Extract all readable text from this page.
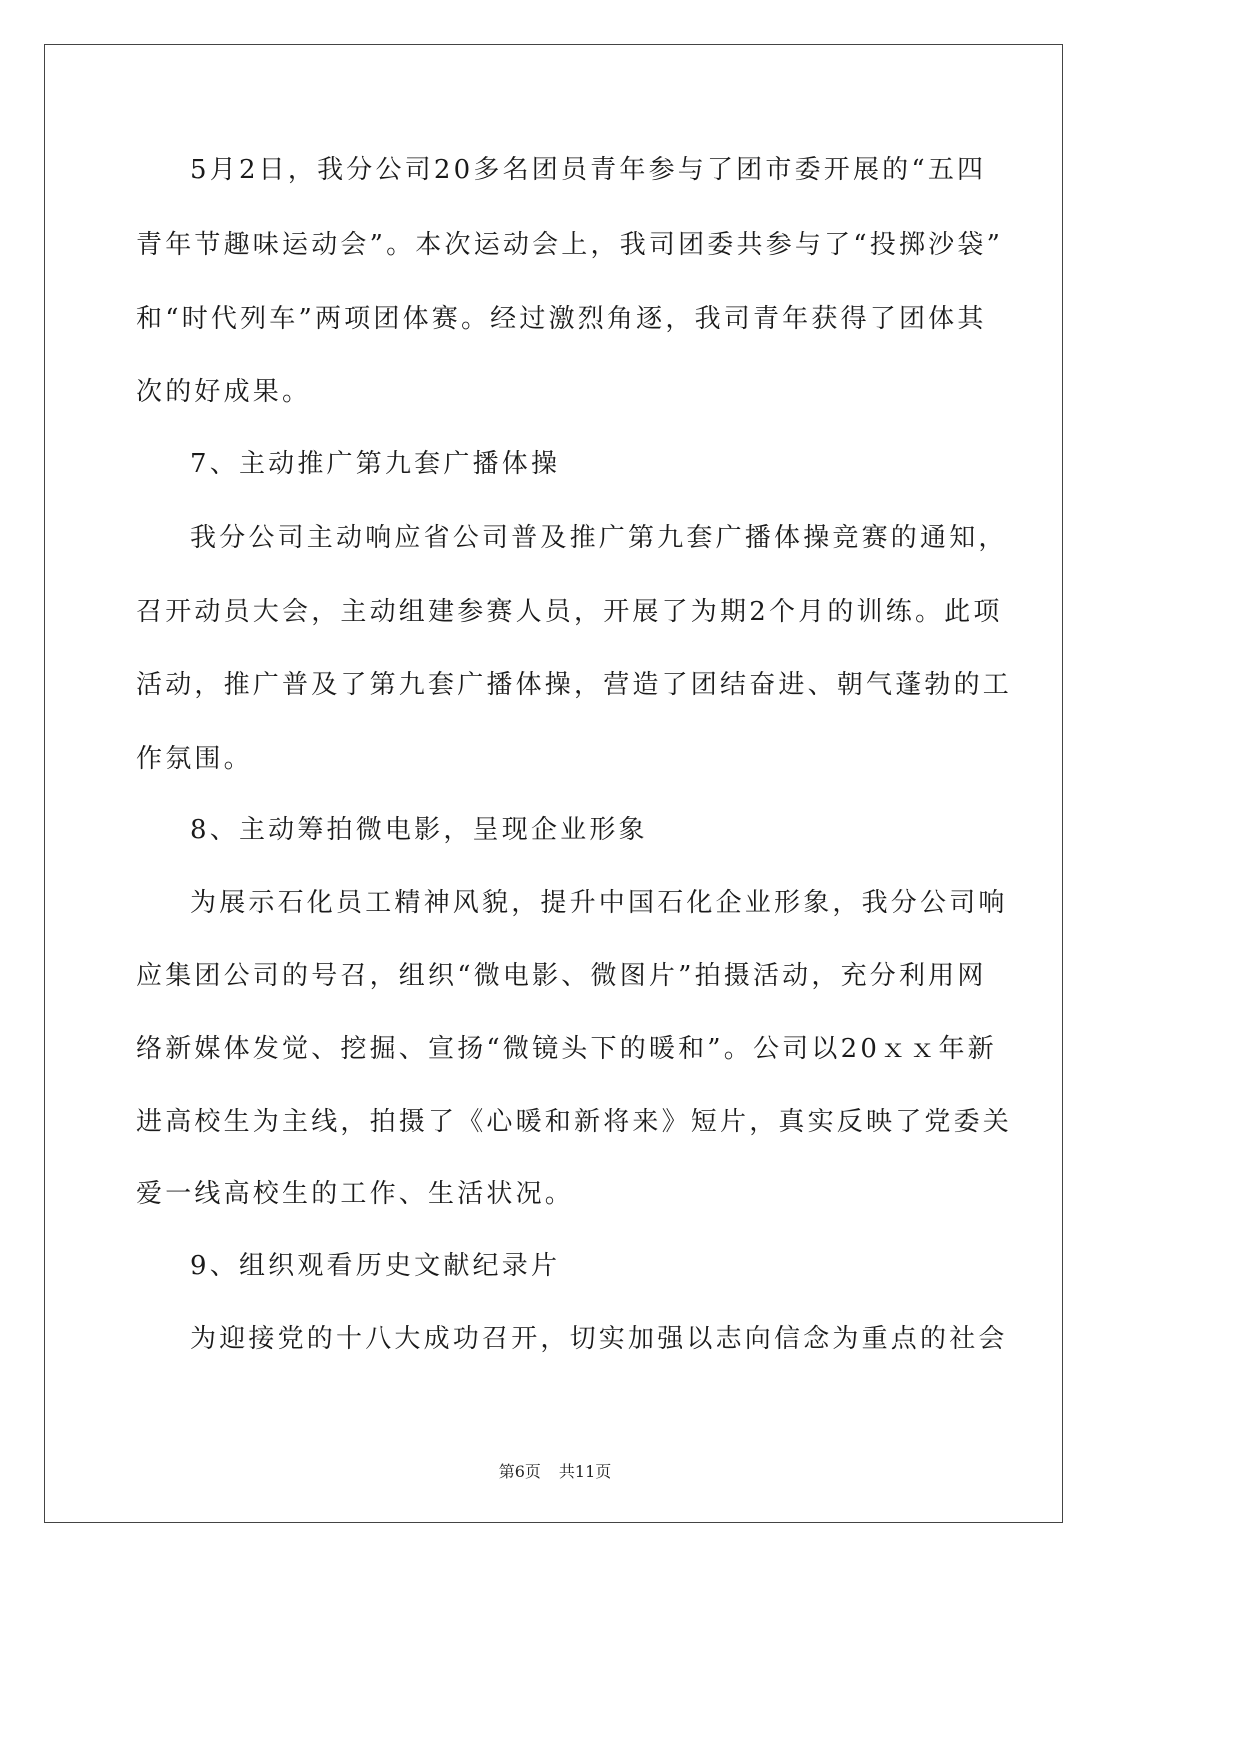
5月2日，我分公司20多名团员青年参与了团市委开展的“五四
青年节趣味运动会”。本次运动会上，我司团委共参与了“投掷沙袋”
和“时代列车”两项团体赛。经过激烈角逐，我司青年获得了团体其
次的好成果。
7、主动推广第九套广播体操
我分公司主动响应省公司普及推广第九套广播体操竞赛的通知，
召开动员大会，主动组建参赛人员，开展了为期2个月的训练。此项
活动，推广普及了第九套广播体操，营造了团结奋进、朝气蓬勃的工
作氛围。
8、主动筹拍微电影，呈现企业形象
为展示石化员工精神风貌，提升中国石化企业形象，我分公司响
应集团公司的号召，组织“微电影、微图片”拍摄活动，充分利用网
络新媒体发觉、挖掘、宣扬“微镜头下的暖和”。公司以20ｘｘ年新
进高校生为主线，拍摄了《心暖和新将来》短片，真实反映了党委关
爱一线高校生的工作、生活状况。
9、组织观看历史文献纪录片
为迎接党的十八大成功召开，切实加强以志向信念为重点的社会
第6页 共11页
